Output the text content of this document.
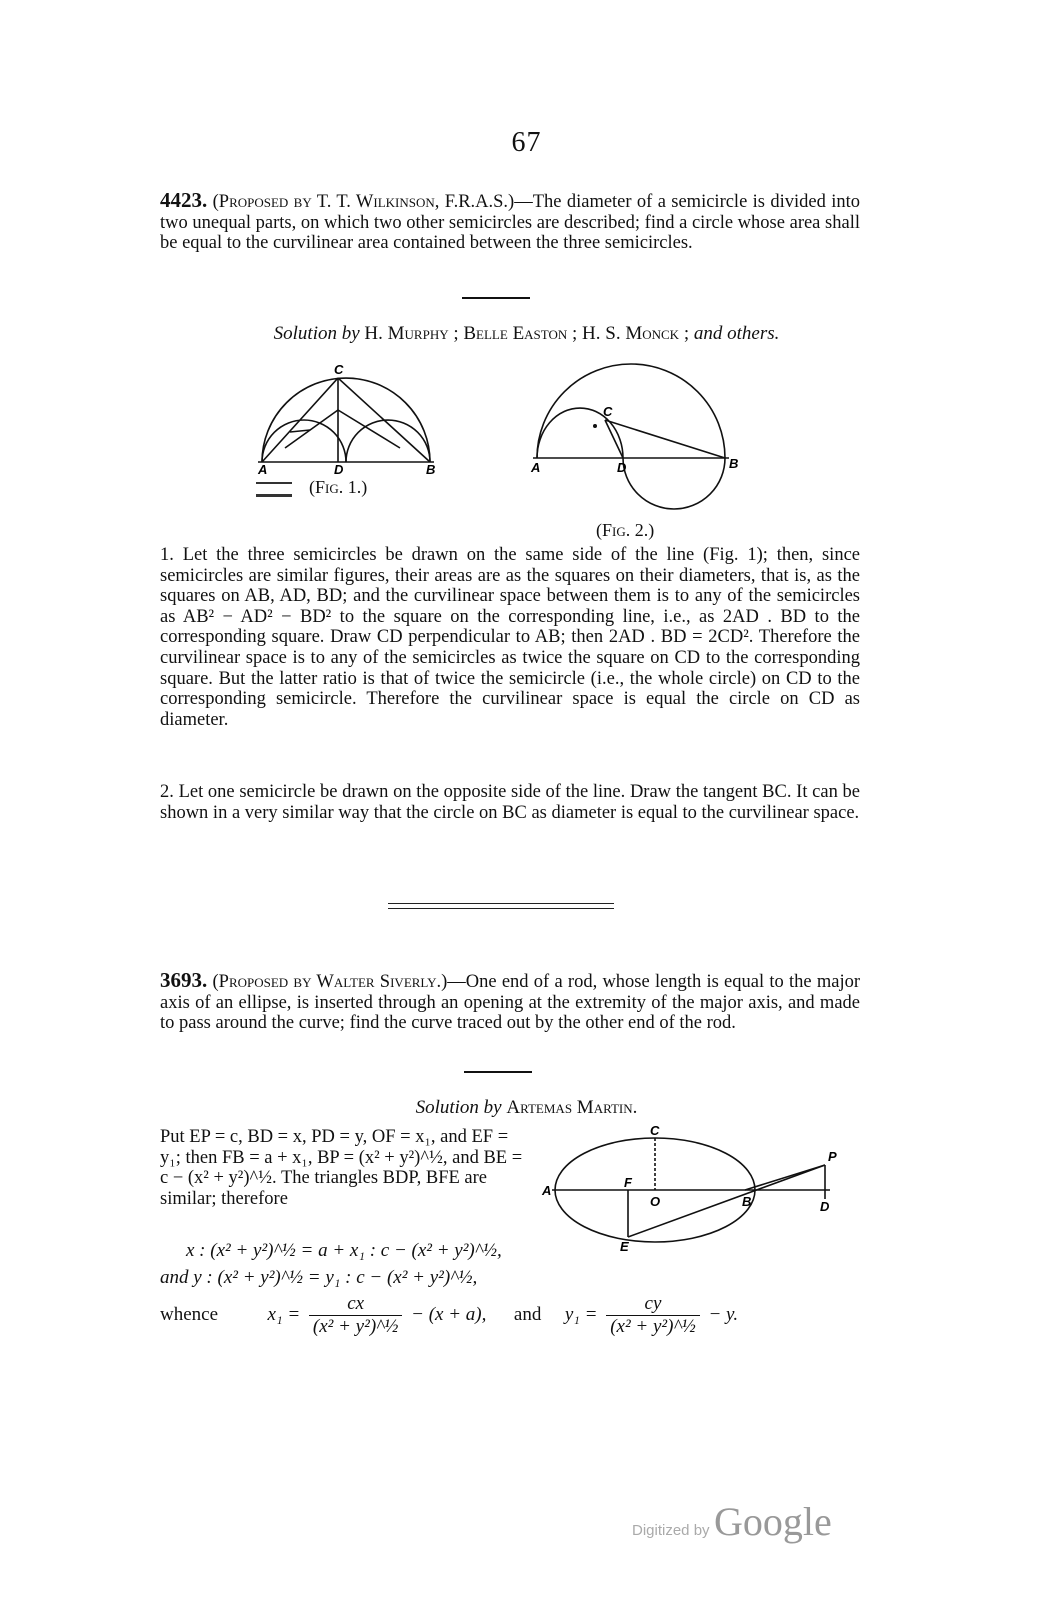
67
4423. (Proposed by T. T. Wilkinson, F.R.A.S.)—The diameter of a semicircle is divided into two unequal parts, on which two other semicircles are described; find a circle whose area shall be equal to the curvilinear area contained between the three semicircles.
Solution by H. Murphy ; Belle Easton ; H. S. Monck ; and others.
C
A	D	B
(Fig. 1.)
C
A	D	B
(Fig. 2.)
1. Let the three semicircles be drawn on the same side of the line (Fig. 1); then, since semicircles are similar figures, their areas are as the squares on their diameters, that is, as the squares on AB, AD, BD; and the curvilinear space between them is to any of the semicircles as AB² − AD² − BD² to the square on the corresponding line, i.e., as 2AD . BD to the corresponding square. Draw CD perpendicular to AB; then 2AD . BD = 2CD². Therefore the curvilinear space is to any of the semicircles as twice the square on CD to the corresponding square. But the latter ratio is that of twice the semicircle (i.e., the whole circle) on CD to the corresponding semicircle. Therefore the curvilinear space is equal the circle on CD as diameter.
2. Let one semicircle be drawn on the opposite side of the line. Draw the tangent BC. It can be shown in a very similar way that the circle on BC as diameter is equal to the curvilinear space.
3693. (Proposed by Walter Siverly.)—One end of a rod, whose length is equal to the major axis of an ellipse, is inserted through an opening at the extremity of the major axis, and made to pass around the curve; find the curve traced out by the other end of the rod.
Solution by Artemas Martin.
Put EP = c, BD = x, PD = y, OF = x₁, and EF = y₁; then FB = a + x₁, BP = (x² + y²)^½, and BE = c − (x² + y²)^½. The triangles BDP, BFE are similar; therefore
C
A
F
O	B
E
P
D
x : (x² + y²)^½ = a + x₁ : c − (x² + y²)^½,
and y : (x² + y²)^½ = y₁ : c − (x² + y²)^½,
whence	$x_1 = \frac{cx}{\text{(x² + y²)\textasciicircum{}½}} - (x + a)$, and $y_1 = \frac{cy}{\text{(x² + y²)\textasciicircum{}½}} - y$.
Digitized by Google
